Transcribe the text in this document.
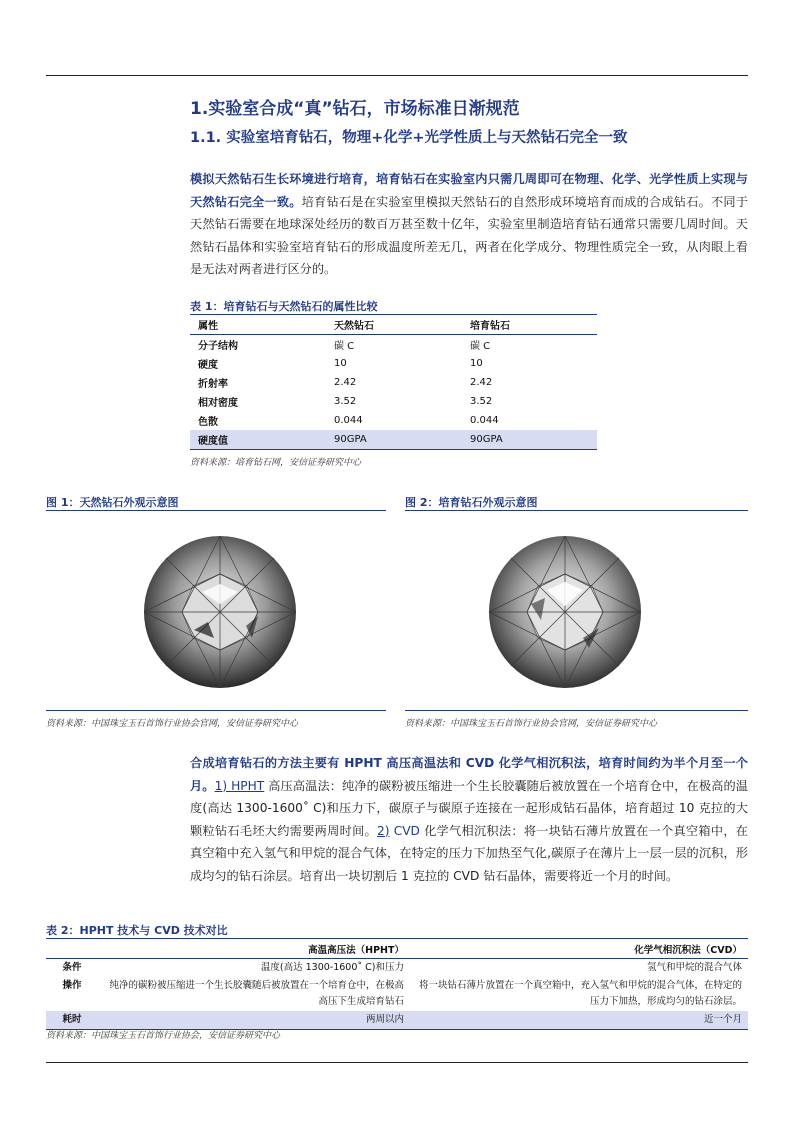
1.实验室合成“真”钻石，市场标准日渐规范
1.1. 实验室培育钻石，物理+化学+光学性质上与天然钻石完全一致
模拟天然钻石生长环境进行培育，培育钻石在实验室内只需几周即可在物理、化学、光学性质上实现与天然钻石完全一致。培育钻石是在实验室里模拟天然钻石的自然形成环境培育而成的合成钻石。不同于天然钻石需要在地球深处经历的数百万甚至数十亿年，实验室里制造培育钻石通常只需要几周时间。天然钻石晶体和实验室培育钻石的形成温度所差无几，两者在化学成分、物理性质完全一致，从肉眼上看是无法对两者进行区分的。
表 1：培育钻石与天然钻石的属性比较
属性	天然钻石	培育钻石
分子结构	碳 C	碳 C
硬度	10	10
折射率	2.42	2.42
相对密度	3.52	3.52
色散	0.044	0.044
硬度值	90GPA	90GPA
资料来源：培育钻石网，安信证券研究中心
图 1：天然钻石外观示意图
资料来源：中国珠宝玉石首饰行业协会官网，安信证券研究中心
图 2：培育钻石外观示意图
资料来源：中国珠宝玉石首饰行业协会官网，安信证券研究中心
合成培育钻石的方法主要有 HPHT 高压高温法和 CVD 化学气相沉积法，培育时间约为半个月至一个月。1) HPHT 高压高温法：纯净的碳粉被压缩进一个生长胶囊随后被放置在一个培育仓中，在极高的温度(高达 1300-1600˚ C)和压力下，碳原子与碳原子连接在一起形成钻石晶体，培育超过 10 克拉的大颗粒钻石毛坯大约需要两周时间。2) CVD 化学气相沉积法：将一块钻石薄片放置在一个真空箱中，在真空箱中充入氢气和甲烷的混合气体，在特定的压力下加热至气化,碳原子在薄片上一层一层的沉积，形成均匀的钻石涂层。培育出一块切割后 1 克拉的 CVD 钻石晶体，需要将近一个月的时间。
表 2：HPHT 技术与 CVD 技术对比
	高温高压法（HPHT）	化学气相沉积法（CVD）
条件	温度(高达 1300-1600˚ C)和压力	氢气和甲烷的混合气体
操作	纯净的碳粉被压缩进一个生长胶囊随后被放置在一个培育仓中，在极高高压下生成培育钻石	将一块钻石薄片放置在一个真空箱中，充入氢气和甲烷的混合气体，在特定的压力下加热，形成均匀的钻石涂层。
耗时	两周以内	近一个月
资料来源：中国珠宝玉石首饰行业协会，安信证券研究中心
